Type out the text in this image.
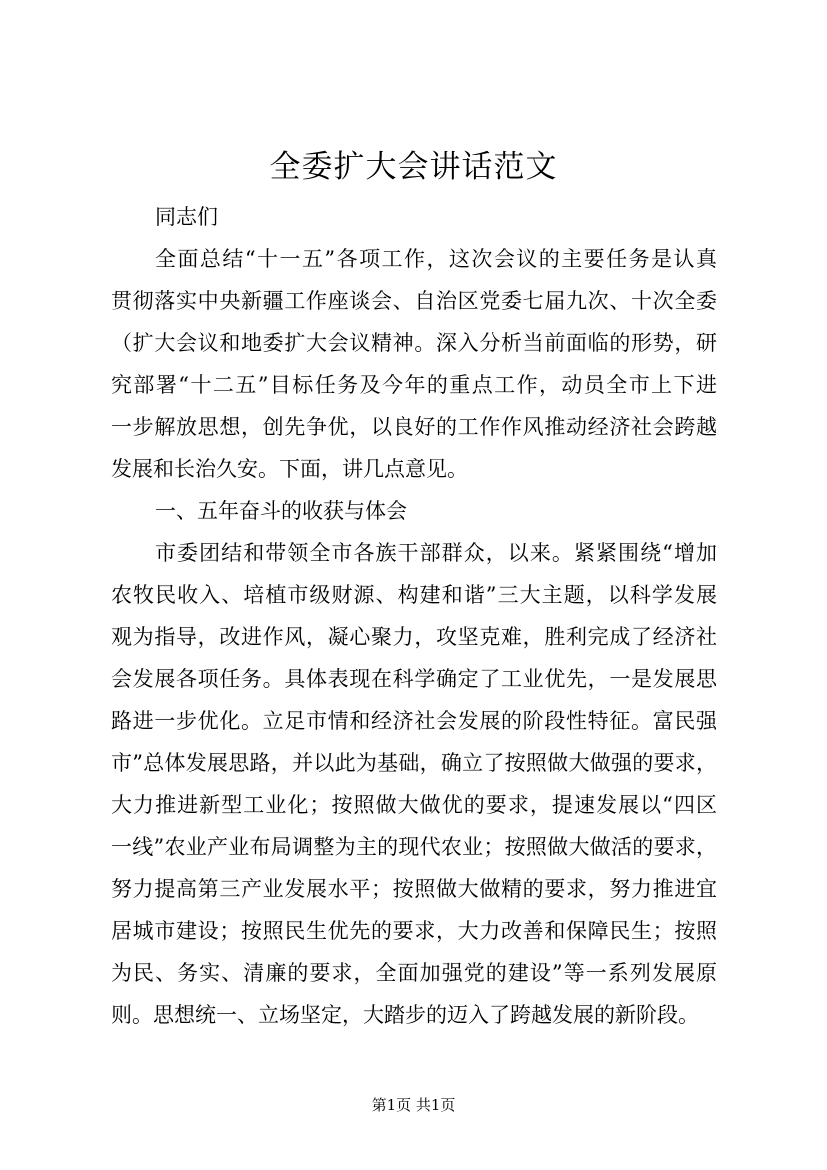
全委扩大会讲话范文
同志们
全面总结“十一五”各项工作，这次会议的主要任务是认真
贯彻落实中央新疆工作座谈会、自治区党委七届九次、十次全委
（扩大会议和地委扩大会议精神。深入分析当前面临的形势，研
究部署“十二五”目标任务及今年的重点工作，动员全市上下进
一步解放思想，创先争优，以良好的工作作风推动经济社会跨越
发展和长治久安。下面，讲几点意见。
一、五年奋斗的收获与体会
市委团结和带领全市各族干部群众，以来。紧紧围绕“增加
农牧民收入、培植市级财源、构建和谐”三大主题，以科学发展
观为指导，改进作风，凝心聚力，攻坚克难，胜利完成了经济社
会发展各项任务。具体表现在科学确定了工业优先，一是发展思
路进一步优化。立足市情和经济社会发展的阶段性特征。富民强
市”总体发展思路，并以此为基础，确立了按照做大做强的要求，
大力推进新型工业化；按照做大做优的要求，提速发展以“四区
一线”农业产业布局调整为主的现代农业；按照做大做活的要求，
努力提高第三产业发展水平；按照做大做精的要求，努力推进宜
居城市建设；按照民生优先的要求，大力改善和保障民生；按照
为民、务实、清廉的要求，全面加强党的建设”等一系列发展原
则。思想统一、立场坚定，大踏步的迈入了跨越发展的新阶段。
第1页 共1页
